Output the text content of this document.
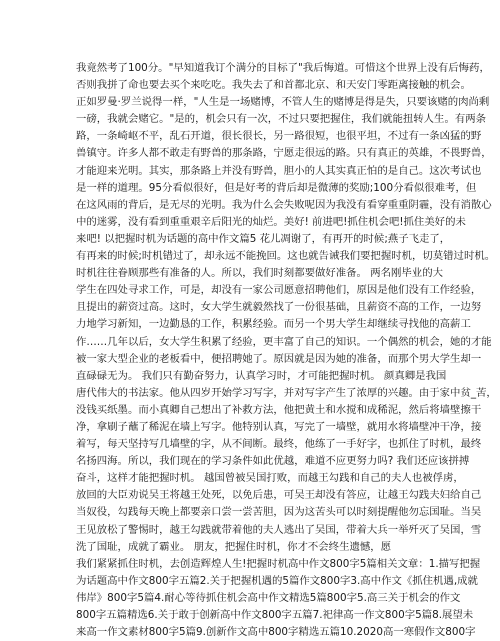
我竟然考了100分。"早知道我订个满分的目标了"我后悔道。可惜这个世界上没有后悔药，
否则我拼了命也要去买个来吃吃。我失去了和首都北京、和天安门零距离接触的机会。
正如罗曼·罗兰说得一样，"人生是一场赌博，不管人生的赌博是得是失，只要该赌的肉尚剩
一磅，我就会赌它。"是的，机会只有一次，不过只要把握住，我们就能扭转人生。有两条
路，一条崎岖不平，乱石开道，很长很长，另一路很短，也很平坦，不过有一条凶猛的野
兽镇守。许多人都不敢走有野兽的那条路，宁愿走很远的路。只有真正的英雄，不畏野兽，
才能迎来光明。其实，那条路上并没有野兽，胆小的人其实真正怕的是自己。这次考试也
是一样的道理。95分看似很好，但是好考的背后却是微薄的奖励;100分看似很难考，但
在这风雨的背后，是无尽的光明。我为什么会失败呢因为我没有看穿重重阴霾，没有消散心
中的迷雾，没有看到重重艰辛后阳光的灿烂。美好! 前进吧!抓住机会吧!抓住美好的未
来吧! 以把握时机为话题的高中作文篇5 花儿凋谢了，有再开的时候;燕子飞走了，
有再来的时候;时机错过了，却永远不能挽回。这也就告诫我们要把握时机，切莫错过时机。
时机往往眷顾那些有准备的人。所以，我们时刻都要做好准备。 两名刚毕业的大
学生在四处寻求工作，可是，却没有一家公司愿意招聘他们，原因是他们没有工作经验，
且提出的薪资过高。这时，女大学生就毅然找了一份很基础，且薪资不高的工作，一边努
力地学习新知，一边勤恳的工作，积累经验。而另一个男大学生却继续寻找他的高薪工
作……几年以后，女大学生积累了经验，更丰富了自己的知识。一个偶然的机会，她的才能
被一家大型企业的老板看中，便招聘她了。原因就是因为她的准备，而那个男大学生却一
直碌碌无为。 我们只有勤奋努力，认真学习时，才可能把握时机。 颜真卿是我国
唐代伟大的书法家。他从四岁开始学习写字，并对写字产生了浓厚的兴趣。由于家中贫_苦，
没钱买纸墨。而小真卿自己想出了补救方法，他把黄土和水搅和成稀泥，然后将墙壁擦干
净，拿刷子蘸了稀泥在墙上写字。他特别认真，写完了一墙壁，就用水将墙壁冲干净，接
着写，每天坚持写几墙壁的字，从不间断。最终，他练了一手好字，也抓住了时机，最终
名扬四海。所以，我们现在的学习条件如此优越，难道不应更努力吗? 我们还应该拼搏
奋斗，这样才能把握时机。 越国曾被吴国打败，而越王勾践和自己的夫人也被俘虏，
放回的大臣劝说吴王将越王处死，以免后患，可吴王却没有答应，让越王勾践夫妇给自己
当奴役，勾践每天晚上都要亲口尝一尝苦胆，因为这苦头可以时刻提醒他勿忘国耻。当吴
王见放松了警惕时，越王勾践就带着他的夫人逃出了吴国，带着大兵一举歼灭了吴国，雪
洗了国耻，成就了霸业。 朋友，把握住时机，你才不会终生遗憾，愿
我们紧紧抓住时机，去创造辉煌人生!把握时机高中作文800字5篇相关文章：1.描写把握
为话题高中作文800字五篇2.关于把握机遇的5篇作文800字3.高中作文《抓住机遇,成就
伟岸》800字5篇4.耐心等待抓住机会高中作文精选5篇800字5.高三关于机会的作文
800字五篇精选6.关于敢于创新高中作文800字五篇7.祀律高一作文800字5篇8.展望未
来高一作文素材800字5篇9.创新作文高中800字精选五篇10.2020高一寒假作文800字
